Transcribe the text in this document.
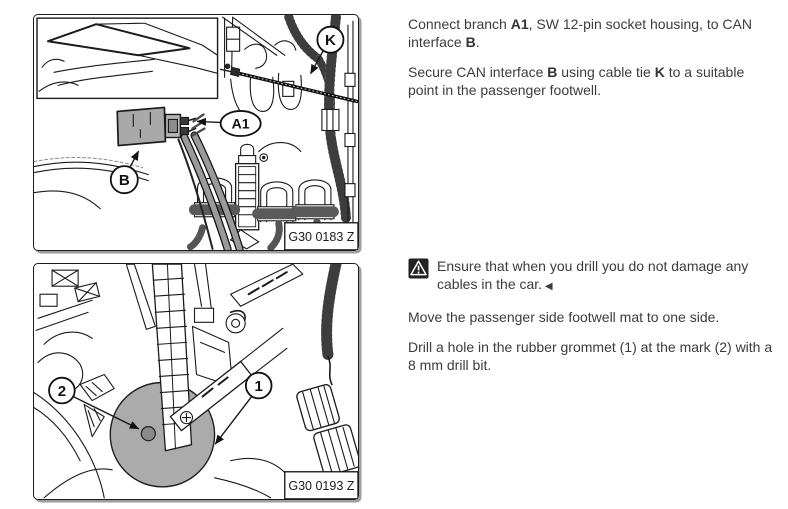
K
A1
B
G30 0183 Z
2	1
G30 0193 Z

Connect branch A1, SW 12-pin socket housing, to CAN interface B.

Secure CAN interface B using cable tie K to a suitable point in the passenger footwell.

Ensure that when you drill you do not damage any cables in the car. ◀

Move the passenger side footwell mat to one side.

Drill a hole in the rubber grommet (1) at the mark (2) with a 8 mm drill bit.
